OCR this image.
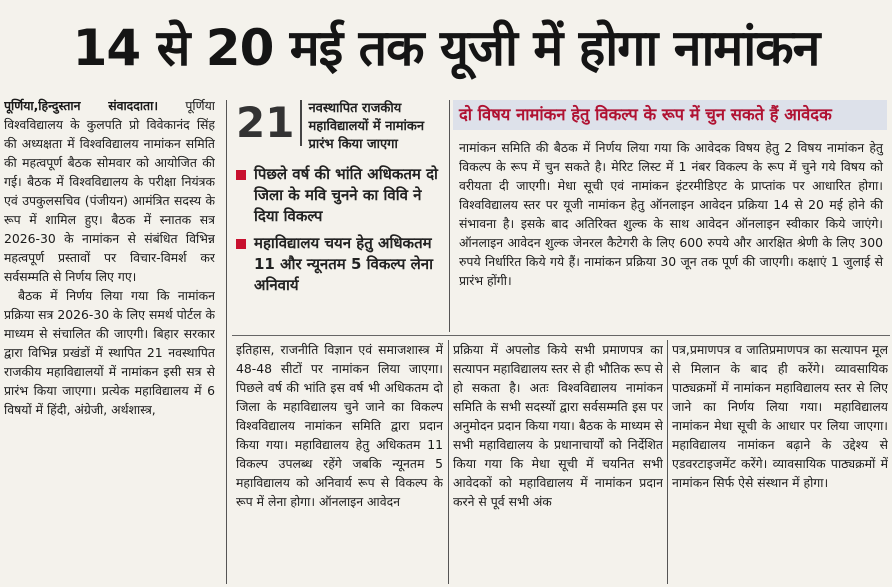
14 से 20 मई तक यूजी में होगा नामांकन

पूर्णिया,हिन्दुस्तान संवाददाता। पूर्णिया विश्वविद्यालय के कुलपति प्रो विवेकानंद सिंह की अध्यक्षता में विश्वविद्यालय नामांकन समिति की महत्वपूर्ण बैठक सोमवार को आयोजित की गई। बैठक में विश्वविद्यालय के परीक्षा नियंत्रक एवं उपकुलसचिव (पंजीयन) आमंत्रित सदस्य के रूप में शामिल हुए। बैठक में स्नातक सत्र 2026-30 के नामांकन से संबंधित विभिन्न महत्वपूर्ण प्रस्तावों पर विचार-विमर्श कर सर्वसम्मति से निर्णय लिए गए।

बैठक में निर्णय लिया गया कि नामांकन प्रक्रिया सत्र 2026-30 के लिए समर्थ पोर्टल के माध्यम से संचालित की जाएगी। बिहार सरकार द्वारा विभिन्न प्रखंडों में स्थापित 21 नवस्थापित राजकीय महाविद्यालयों में नामांकन इसी सत्र से प्रारंभ किया जाएगा। प्रत्येक महाविद्यालय में 6 विषयों में हिंदी, अंग्रेजी, अर्थशास्त्र,

21	नवस्थापित राजकीय महाविद्यालयों में नामांकन प्रारंभ किया जाएगा
पिछले वर्ष की भांति अधिकतम दो जिला के मवि चुनने का विवि ने दिया विकल्प
महाविद्यालय चयन हेतु अधिकतम 11 और न्यूनतम 5 विकल्प लेना अनिवार्य
दो विषय नामांकन हेतु विकल्प के रूप में चुन सकते हैं आवेदक
नामांकन समिति की बैठक में निर्णय लिया गया कि आवेदक विषय हेतु 2 विषय नामांकन हेतु विकल्प के रूप में चुन सकते है। मेरिट लिस्ट में 1 नंबर विकल्प के रूप में चुने गये विषय को वरीयता दी जाएगी। मेधा सूची एवं नामांकन इंटरमीडिएट के प्राप्तांक पर आधारित होगा। विश्वविद्यालय स्तर पर यूजी नामांकन हेतु ऑनलाइन आवेदन प्रक्रिया 14 से 20 मई होने की संभावना है। इसके बाद अतिरिक्त शुल्क के साथ आवेदन ऑनलाइन स्वीकार किये जाएंगे। ऑनलाइन आवेदन शुल्क जेनरल कैटेगरी के लिए 600 रुपये और आरक्षित श्रेणी के लिए 300 रुपये निर्धारित किये गये हैं। नामांकन प्रक्रिया 30 जून तक पूर्ण की जाएगी। कक्षाएं 1 जुलाई से प्रारंभ होंगी।
इतिहास, राजनीति विज्ञान एवं समाजशास्त्र में 48-48 सीटों पर नामांकन लिया जाएगा। पिछले वर्ष की भांति इस वर्ष भी अधिकतम दो जिला के महाविद्यालय चुने जाने का विकल्प विश्वविद्यालय नामांकन समिति द्वारा प्रदान किया गया। महाविद्यालय हेतु अधिकतम 11 विकल्प उपलब्ध रहेंगे जबकि न्यूनतम 5 महाविद्यालय को अनिवार्य रूप से विकल्प के रूप में लेना होगा। ऑनलाइन आवेदन
प्रक्रिया में अपलोड किये सभी प्रमाणपत्र का सत्यापन महाविद्यालय स्तर से ही भौतिक रूप से हो सकता है। अतः विश्वविद्यालय नामांकन समिति के सभी सदस्यों द्वारा सर्वसम्मति इस पर अनुमोदन प्रदान किया गया। बैठक के माध्यम से सभी महाविद्यालय के प्रधानाचार्यों को निर्देशित किया गया कि मेधा सूची में चयनित सभी आवेदकों को महाविद्यालय में नामांकन प्रदान करने से पूर्व सभी अंक
पत्र,प्रमाणपत्र व जातिप्रमाणपत्र का सत्यापन मूल से मिलान के बाद ही करेंगे। व्यावसायिक पाठ्यक्रमों में नामांकन महाविद्यालय स्तर से लिए जाने का निर्णय लिया गया। महाविद्यालय नामांकन मेधा सूची के आधार पर लिया जाएगा। महाविद्यालय नामांकन बढ़ाने के उद्देश्य से एडवरटाइजमेंट करेंगे। व्यावसायिक पाठ्यक्रमों में नामांकन सिर्फ ऐसे संस्थान में होगा।
